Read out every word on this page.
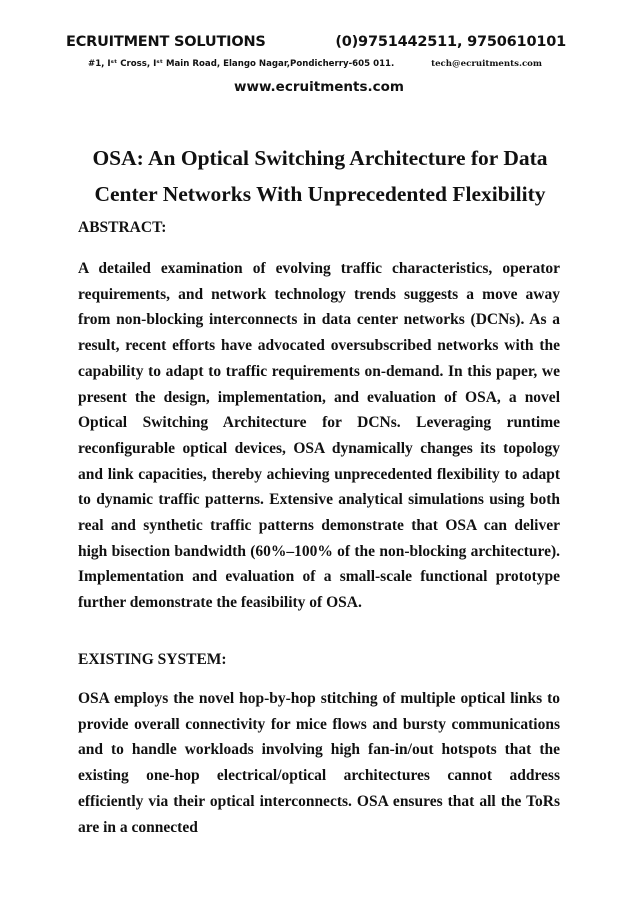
ECRUITMENT SOLUTIONS	(0)9751442511, 9750610101
#1, Iˢᵗ Cross, Iˢᵗ Main Road, Elango Nagar,Pondicherry-605 011.	tech@ecruitments.com
www.ecruitments.com
OSA: An Optical Switching Architecture for Data Center Networks With Unprecedented Flexibility
ABSTRACT:

A detailed examination of evolving traffic characteristics, operator requirements, and network technology trends suggests a move away from non-blocking interconnects in data center networks (DCNs). As a result, recent efforts have advocated oversubscribed networks with the capability to adapt to traffic requirements on-demand. In this paper, we present the design, implementation, and evaluation of OSA, a novel Optical Switching Architecture for DCNs. Leveraging runtime reconfigurable optical devices, OSA dynamically changes its topology and link capacities, thereby achieving unprecedented flexibility to adapt to dynamic traffic patterns. Extensive analytical simulations using both real and synthetic traffic patterns demonstrate that OSA can deliver high bisection bandwidth (60%–100% of the non-blocking architecture). Implementation and evaluation of a small-scale functional prototype further demonstrate the feasibility of OSA.

EXISTING SYSTEM:

OSA employs the novel hop-by-hop stitching of multiple optical links to provide overall connectivity for mice flows and bursty communications and to handle workloads involving high fan-in/out hotspots that the existing one-hop electrical/optical architectures cannot address efficiently via their optical interconnects. OSA ensures that all the ToRs are in a connected
